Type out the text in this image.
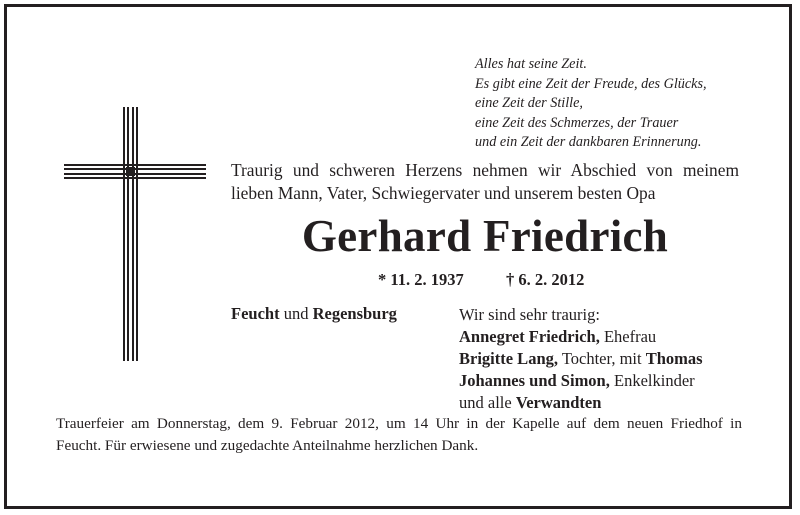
Alles hat seine Zeit.
Es gibt eine Zeit der Freude, des Glücks,
eine Zeit der Stille,
eine Zeit des Schmerzes, der Trauer
und ein Zeit der dankbaren Erinnerung.
Traurig und schweren Herzens nehmen wir Abschied von meinem
lieben Mann, Vater, Schwiegervater und unserem besten Opa
Gerhard Friedrich
* 11. 2. 1937	† 6. 2. 2012
Feucht und Regensburg	Wir sind sehr traurig:
Annegret Friedrich, Ehefrau
Brigitte Lang, Tochter, mit Thomas
Johannes und Simon, Enkelkinder
und alle Verwandten
Trauerfeier am Donnerstag, dem 9. Februar 2012, um 14 Uhr in der Kapelle auf dem neuen Friedhof in
Feucht. Für erwiesene und zugedachte Anteilnahme herzlichen Dank.
